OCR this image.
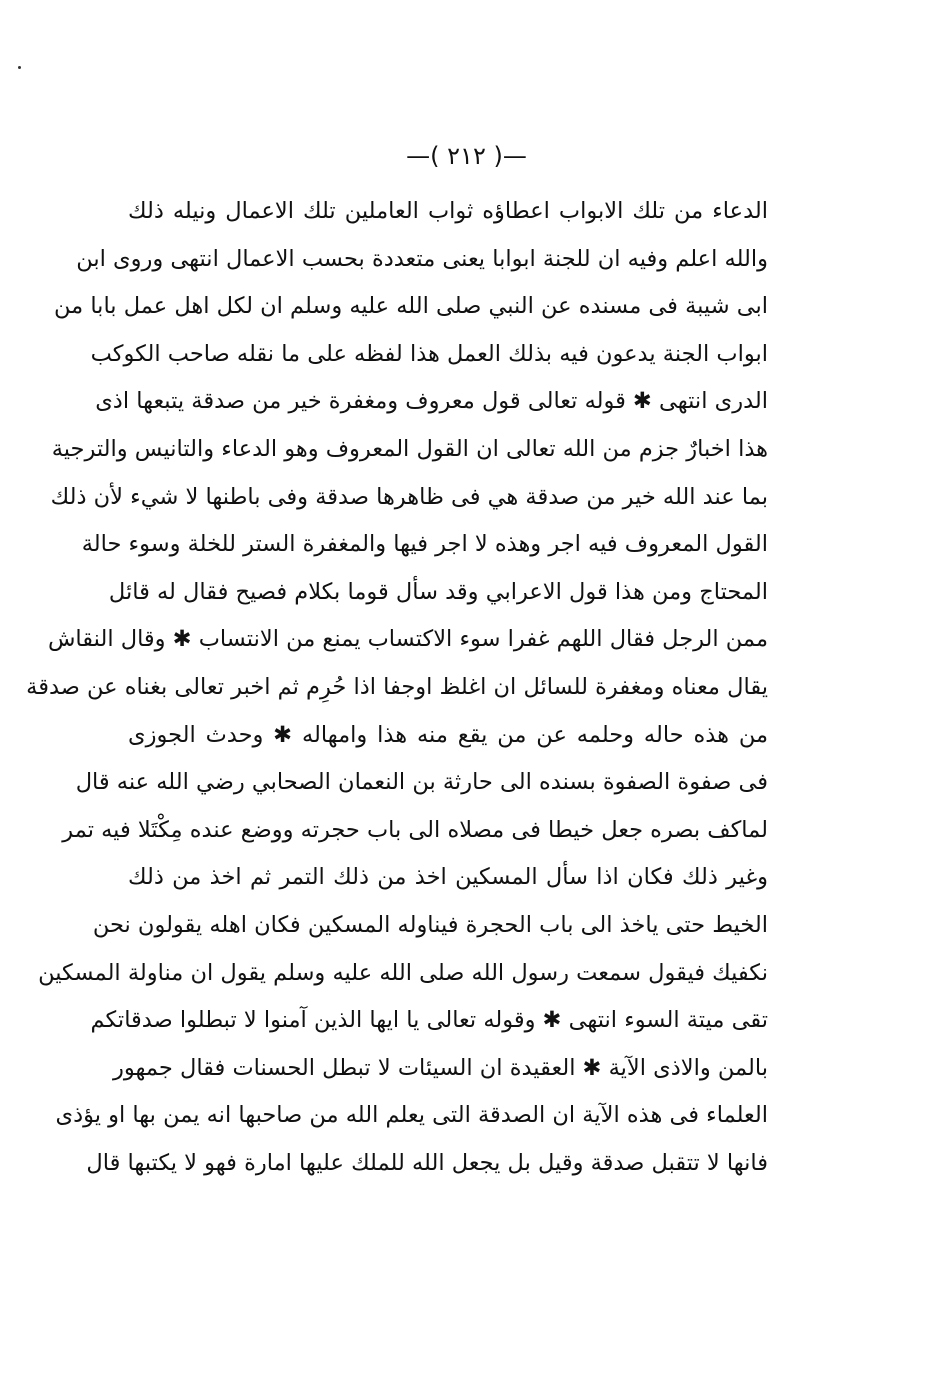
—( ٢١٢ )—
الدعاء من تلك الابواب اعطاؤه ثواب العاملين تلك الاعمال ونيله ذلك
والله اعلم وفيه ان للجنة ابوابا يعنى متعددة بحسب الاعمال انتهى وروى ابن
ابى شيبة فى مسنده عن النبي صلى الله عليه وسلم ان لكل اهل عمل بابا من
ابواب الجنة يدعون فيه بذلك العمل هذا لفظه على ما نقله صاحب الكوكب
الدرى انتهى ✱ قوله تعالى قول معروف ومغفرة خير من صدقة يتبعها اذى
هذا اخبارٌ جزم من الله تعالى ان القول المعروف وهو الدعاء والتانيس والترجية
بما عند الله خير من صدقة هي فى ظاهرها صدقة وفى باطنها لا شيء لأن ذلك
القول المعروف فيه اجر وهذه لا اجر فيها والمغفرة الستر للخلة وسوء حالة
المحتاج ومن هذا قول الاعرابي وقد سأل قوما بكلام فصيح فقال له قائل
ممن الرجل فقال اللهم غفرا سوء الاكتساب يمنع من الانتساب ✱ وقال النقاش
يقال معناه ومغفرة للسائل ان اغلظ اوجفا اذا حُرِم ثم اخبر تعالى بغناه عن صدقة
من هذه حاله وحلمه عن من يقع منه هذا وامهاله ✱ وحدث الجوزى
فى صفوة الصفوة بسنده الى حارثة بن النعمان الصحابي رضي الله عنه قال
لماكف بصره جعل خيطا فى مصلاه الى باب حجرته ووضع عنده مِكْتَلا فيه تمر
وغير ذلك فكان اذا سأل المسكين اخذ من ذلك التمر ثم اخذ من ذلك
الخيط حتى ياخذ الى باب الحجرة فيناوله المسكين فكان اهله يقولون نحن
نكفيك فيقول سمعت رسول الله صلى الله عليه وسلم يقول ان مناولة المسكين
تقى ميتة السوء انتهى ✱ وقوله تعالى يا ايها الذين آمنوا لا تبطلوا صدقاتكم
بالمن والاذى الآية ✱ العقيدة ان السيئات لا تبطل الحسنات فقال جمهور
العلماء فى هذه الآية ان الصدقة التى يعلم الله من صاحبها انه يمن بها او يؤذى
فانها لا تتقبل صدقة وقيل بل يجعل الله للملك عليها امارة فهو لا يكتبها قال
